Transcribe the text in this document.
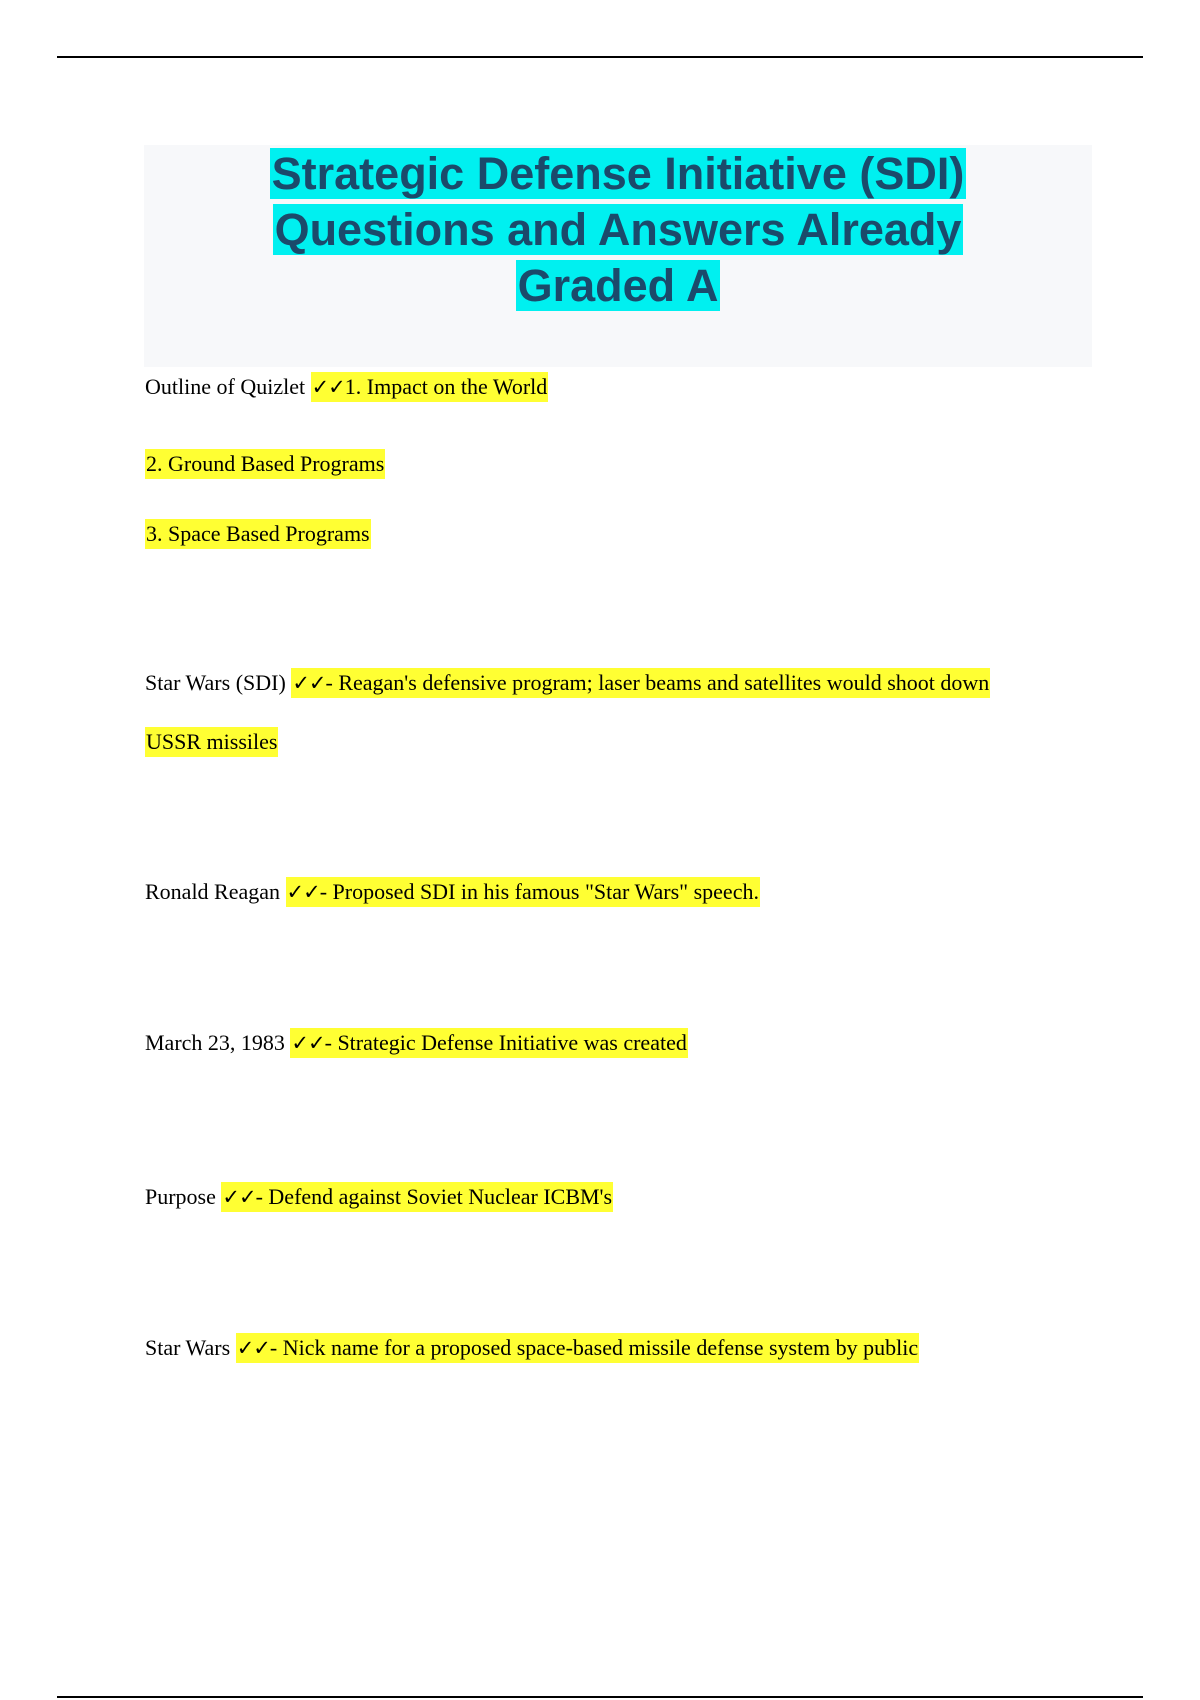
Strategic Defense Initiative (SDI)
Questions and Answers Already
Graded A
Outline of Quizlet ✓✓1. Impact on the World
2. Ground Based Programs
3. Space Based Programs
Star Wars (SDI) ✓✓- Reagan's defensive program; laser beams and satellites would shoot down
USSR missiles
Ronald Reagan ✓✓- Proposed SDI in his famous "Star Wars" speech.
March 23, 1983 ✓✓- Strategic Defense Initiative was created
Purpose ✓✓- Defend against Soviet Nuclear ICBM's
Star Wars ✓✓- Nick name for a proposed space-based missile defense system by public
